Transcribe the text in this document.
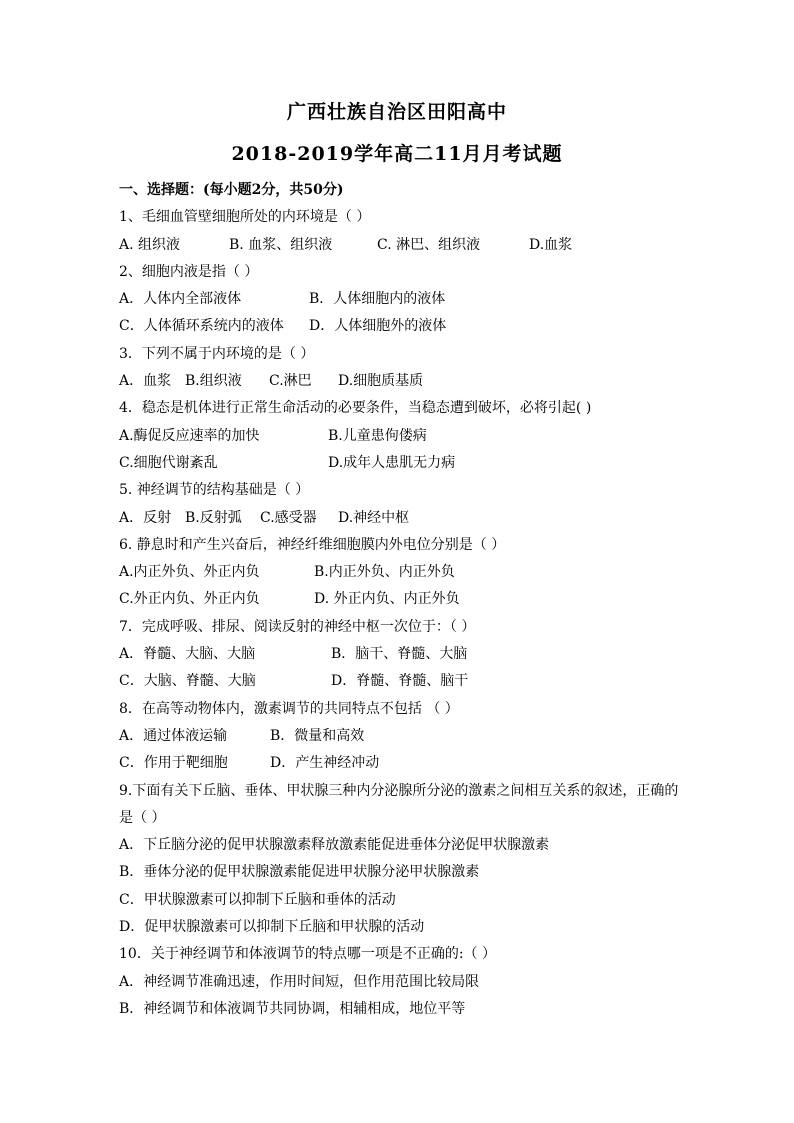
广西壮族自治区田阳高中
2018-2019学年高二11月月考试题
一、选择题：(每小题2分，共50分)
1、毛细血管壁细胞所处的内环境是（ ）
A. 组织液	B. 血浆、组织液	C. 淋巴、组织液	D.血浆
2、细胞内液是指（ ）
A．人体内全部液体	B．人体细胞内的液体
C．人体循环系统内的液体 D．人体细胞外的液体
3．下列不属于内环境的是（ ）
A．血浆 B.组织液 C.淋巴 D.细胞质基质
4．稳态是机体进行正常生命活动的必要条件，当稳态遭到破坏，必将引起( )
A.酶促反应速率的加快	B.儿童患佝偻病
C.细胞代谢紊乱	D.成年人患肌无力病
5. 神经调节的结构基础是（ ）
A．反射 B.反射弧 C.感受器 D.神经中枢
6. 静息时和产生兴奋后，神经纤维细胞膜内外电位分别是（ ）
A.内正外负、外正内负	B.内正外负、内正外负
C.外正内负、外正内负	D. 外正内负、内正外负
7．完成呼吸、排尿、阅读反射的神经中枢一次位于：（ ）
A．脊髓、大脑、大脑	B．脑干、脊髓、大脑
C．大脑、脊髓、大脑	D．脊髓、脊髓、脑干
8．在高等动物体内，激素调节的共同特点不包括 （ ）
A．通过体液运输	B．微量和高效
C．作用于靶细胞	D．产生神经冲动
9.下面有关下丘脑、垂体、甲状腺三种内分泌腺所分泌的激素之间相互关系的叙述，正确的
是（ ）
A．下丘脑分泌的促甲状腺激素释放激素能促进垂体分泌促甲状腺激素
B．垂体分泌的促甲状腺激素能促进甲状腺分泌甲状腺激素
C．甲状腺激素可以抑制下丘脑和垂体的活动
D．促甲状腺激素可以抑制下丘脑和甲状腺的活动
10．关于神经调节和体液调节的特点哪一项是不正确的:（ ）
A．神经调节准确迅速，作用时间短，但作用范围比较局限
B．神经调节和体液调节共同协调，相辅相成，地位平等
